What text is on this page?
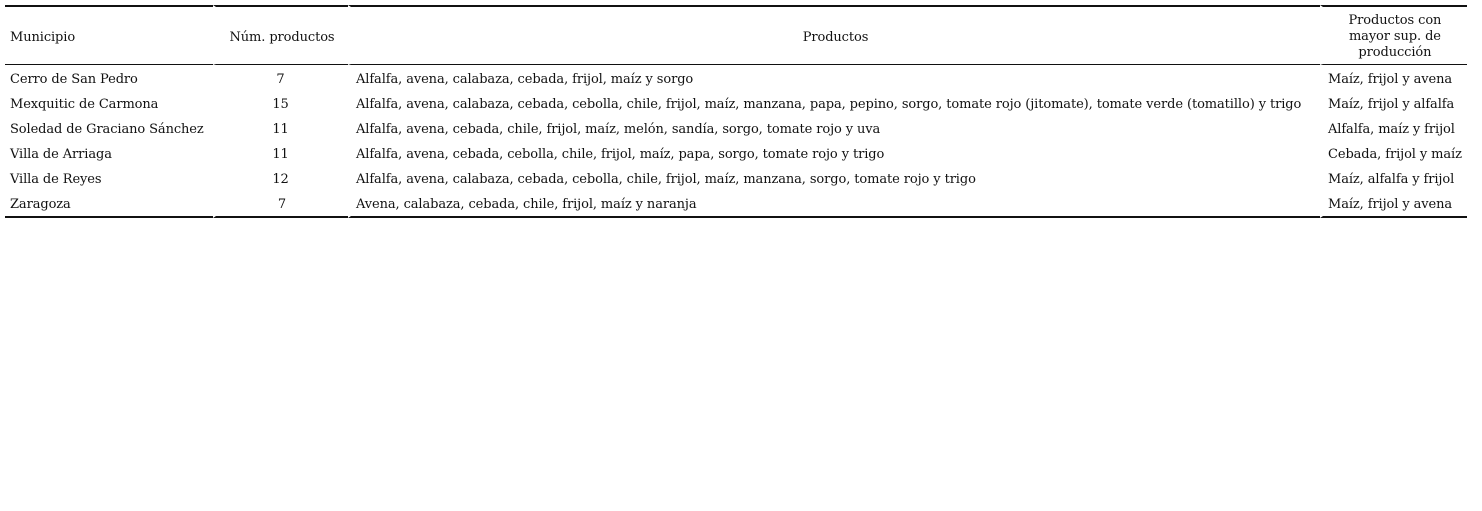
Municipio	Núm. productos	Productos	Productos con mayor sup. de producción
Cerro de San Pedro	7	Alfalfa, avena, calabaza, cebada, frijol, maíz y sorgo	Maíz, frijol y avena
Mexquitic de Carmona	15	Alfalfa, avena, calabaza, cebada, cebolla, chile, frijol, maíz, manzana, papa, pepino, sorgo, tomate rojo (jitomate), tomate verde (tomatillo) y trigo	Maíz, frijol y alfalfa
Soledad de Graciano Sánchez	11	Alfalfa, avena, cebada, chile, frijol, maíz, melón, sandía, sorgo, tomate rojo y uva	Alfalfa, maíz y frijol
Villa de Arriaga	11	Alfalfa, avena, cebada, cebolla, chile, frijol, maíz, papa, sorgo, tomate rojo y trigo	Cebada, frijol y maíz
Villa de Reyes	12	Alfalfa, avena, calabaza, cebada, cebolla, chile, frijol, maíz, manzana, sorgo, tomate rojo y trigo	Maíz, alfalfa y frijol
Zaragoza	7	Avena, calabaza, cebada, chile, frijol, maíz y naranja	Maíz, frijol y avena
